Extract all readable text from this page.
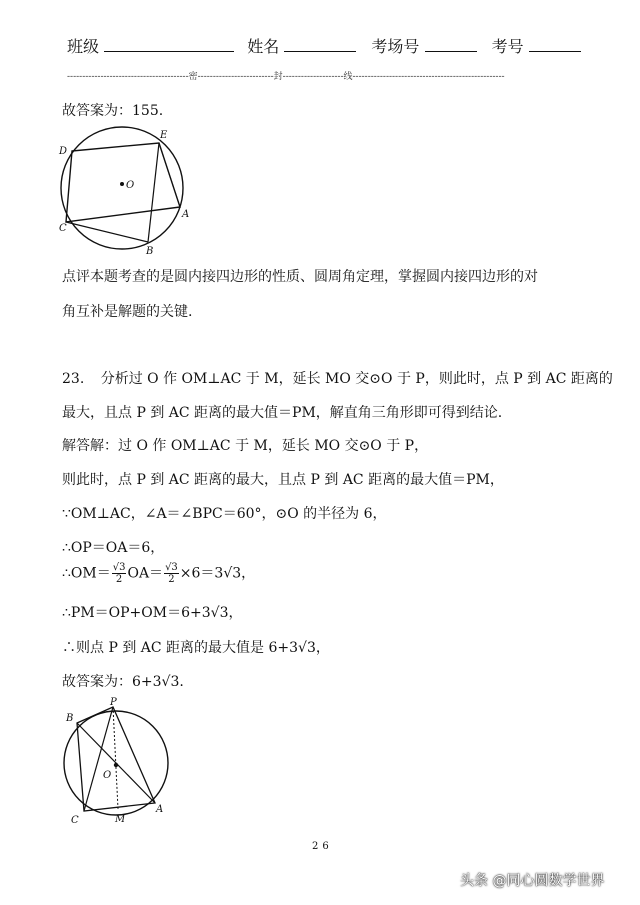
班级	姓名	考场号	考号
----------------------------------------密-------------------------封--------------------线--------------------------------------------------
故答案为：155.
D
E
O
C
A
B
点评本题考查的是圆内接四边形的性质、圆周角定理，掌握圆内接四边形的对
角互补是解题的关键.
23. 分析过 O 作 OM⊥AC 于 M，延长 MO 交⊙O 于 P，则此时，点 P 到 AC 距离的
最大，且点 P 到 AC 距离的最大值＝PM，解直角三角形即可得到结论.
解答解：过 O 作 OM⊥AC 于 M，延长 MO 交⊙O 于 P，
则此时，点 P 到 AC 距离的最大，且点 P 到 AC 距离的最大值＝PM，
∵OM⊥AC，∠A＝∠BPC＝60°，⊙O 的半径为 6，
∴OP＝OA＝6，
∴OM＝ $\frac{√3}{2} OA= \frac{√3}{2} \times 6=3√3$，
∴PM＝OP+OM＝6+3√3，
∴则点 P 到 AC 距离的最大值是 6+3√3，
故答案为：6+3√3.
P
B
O
C	M
A
26
头条 @同心圆数学世界
